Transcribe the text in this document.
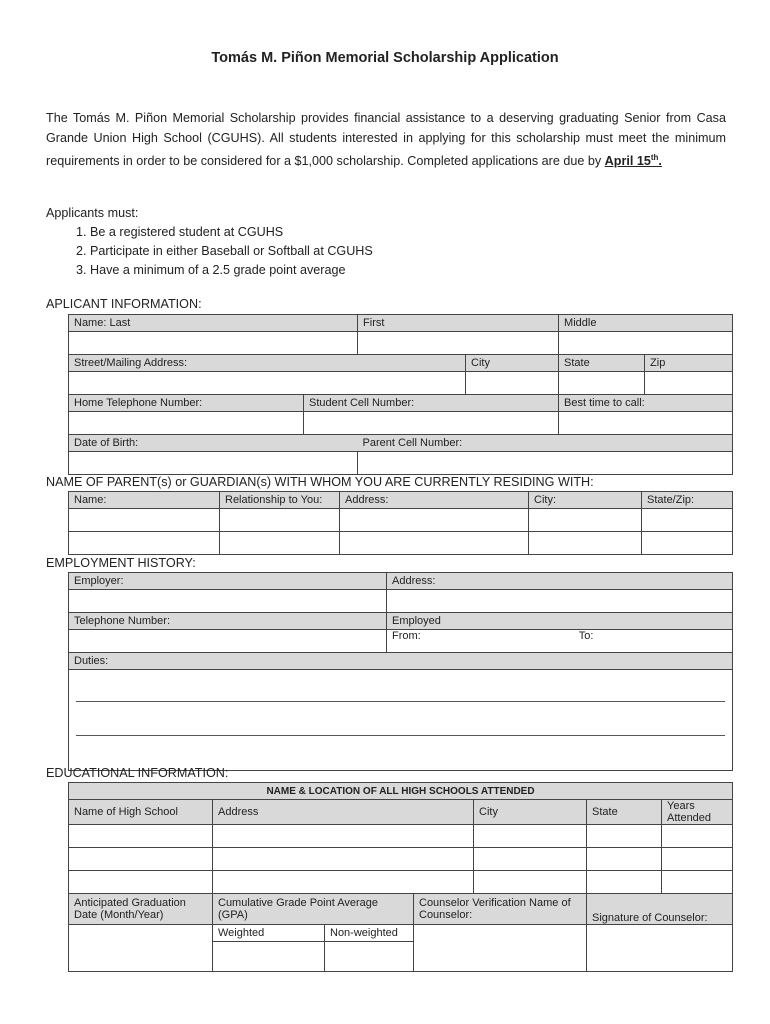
Tomás M. Piñon Memorial Scholarship Application
The Tomás M. Piñon Memorial Scholarship provides financial assistance to a deserving graduating Senior from Casa Grande Union High School (CGUHS). All students interested in applying for this scholarship must meet the minimum requirements in order to be considered for a $1,000 scholarship. Completed applications are due by April 15th.
Applicants must:
1. Be a registered student at CGUHS
2. Participate in either Baseball or Softball at CGUHS
3. Have a minimum of a 2.5 grade point average
APLICANT INFORMATION:
Name: Last		First		Middle	

Street/Mailing Address:			City	State	Zip

Home Telephone Number:	Student Cell Number:			Best time to call:	

Date of Birth:		Parent Cell Number:			

NAME OF PARENT(s) or GUARDIAN(s) WITH WHOM YOU ARE CURRENTLY RESIDING WITH:
Name:	Relationship to You:	Address:	City:	State/Zip:

EMPLOYMENT HISTORY:
Employer:	Address:

Telephone Number:	Employed
	From: To:
Duties:	

EDUCATIONAL INFORMATION:
NAME & LOCATION OF ALL HIGH SCHOOLS ATTENDED						
Name of High School	Address			City	State	Years Attended

Anticipated Graduation Date (Month/Year)	Cumulative Grade Point Average (GPA)		Counselor Verification Name of Counselor:		Signature of Counselor:	
	Weighted	Non-weighted				
